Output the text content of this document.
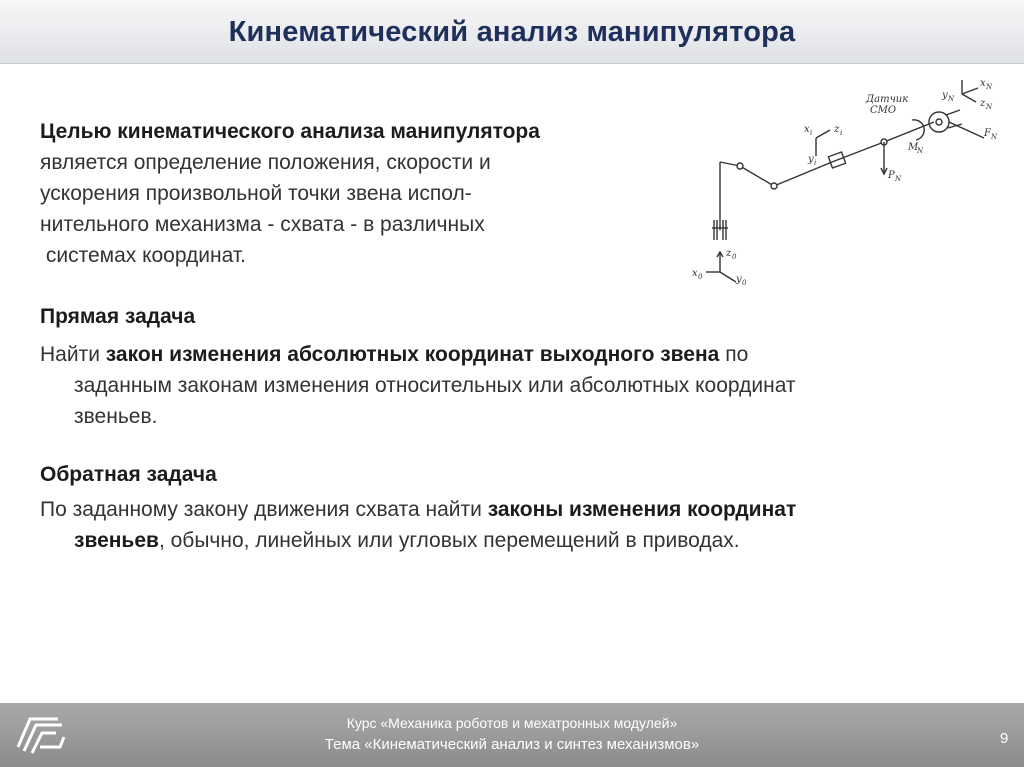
Кинематический анализ манипулятора
Целью кинематического анализа манипулятора
является определение положения, скорости и
ускорения произвольной точки звена испол-
нительного механизма - схвата - в различных
системах координат.
Прямая задача
Найти закон изменения абсолютных координат выходного звена по
заданным законам изменения относительных или абсолютных координат
звеньев.
Обратная задача
По заданному закону движения схвата найти законы изменения координат
звеньев, обычно, линейных или угловых перемещений в приводах.
Датчик
СМО
x z
y
P
M
F
y
x
z
z
x
y
i	i
i
N
N
N
N
N
N
0
0
0
Курс «Механика роботов и мехатронных модулей»
Тема «Кинематический анализ и синтез механизмов»	9
